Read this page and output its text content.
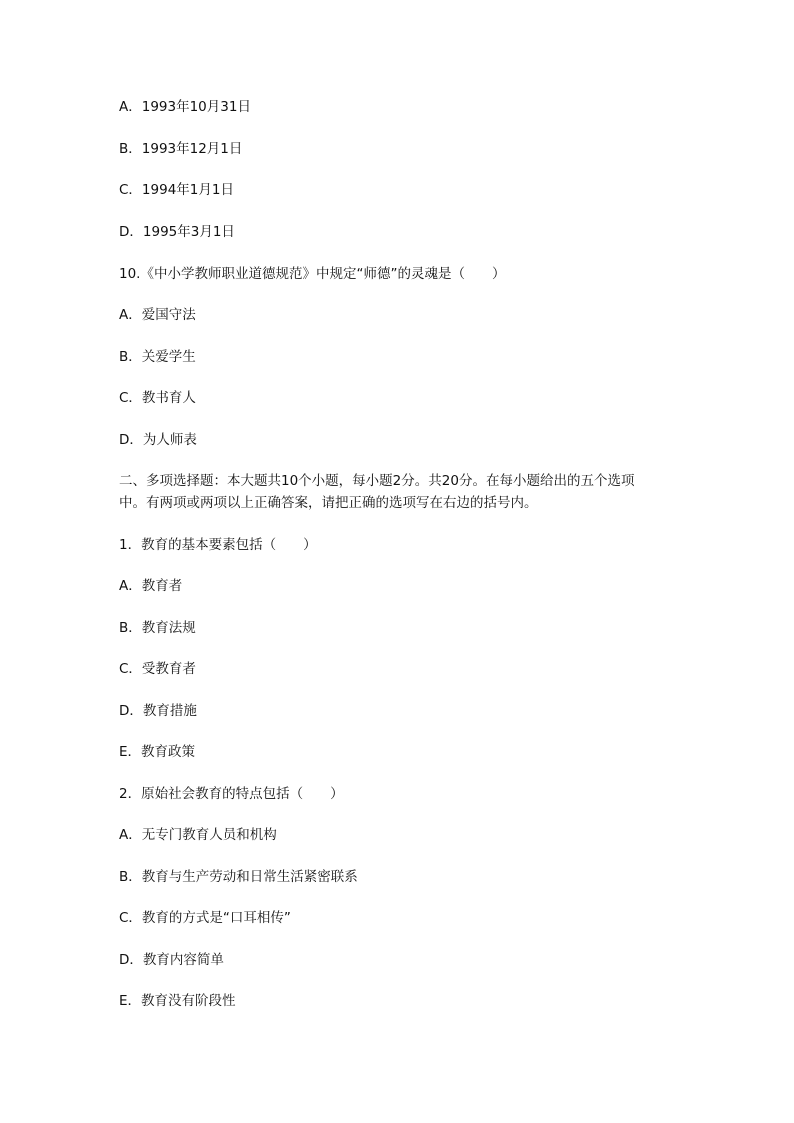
A．1993年10月31日
B．1993年12月1日
C．1994年1月1日
D．1995年3月1日
10.《中小学教师职业道德规范》中规定“师德”的灵魂是（　　）
A．爱国守法
B．关爱学生
C．教书育人
D．为人师表
二、多项选择题：本大题共10个小题，每小题2分。共20分。在每小题给出的五个选项
中。有两项或两项以上正确答案，请把正确的选项写在右边的括号内。
1．教育的基本要素包括（　　）
A．教育者
B．教育法规
C．受教育者
D．教育措施
E．教育政策
2．原始社会教育的特点包括（　　）
A．无专门教育人员和机构
B．教育与生产劳动和日常生活紧密联系
C．教育的方式是“口耳相传”
D．教育内容简单
E．教育没有阶段性
